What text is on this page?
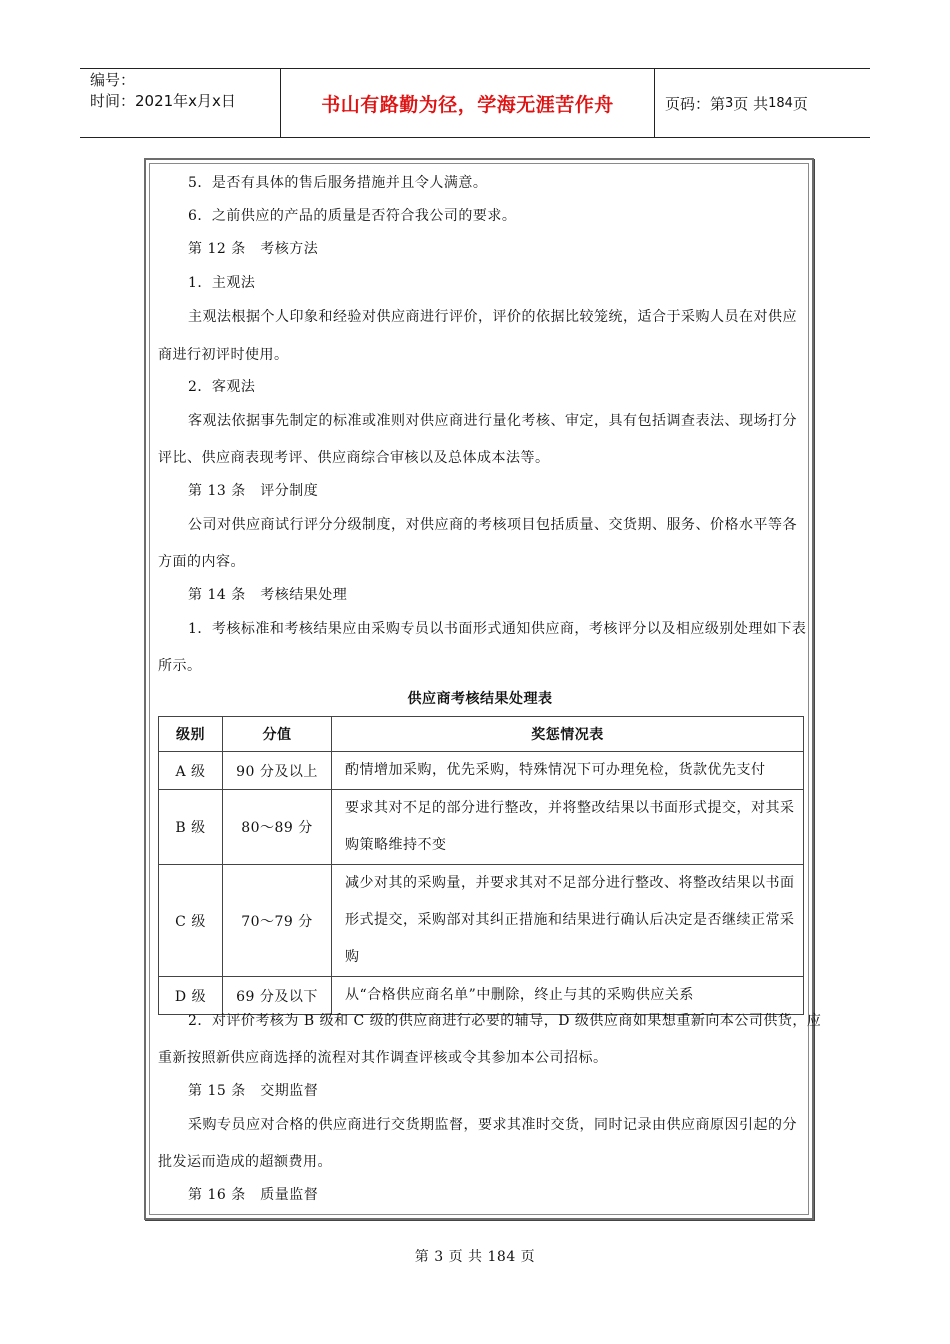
编号：
时间：2021年x月x日	书山有路勤为径，学海无涯苦作舟	页码：第 3 页 共 184 页
5．是否有具体的售后服务措施并且令人满意。
6．之前供应的产品的质量是否符合我公司的要求。
第 12 条　考核方法
1．主观法
主观法根据个人印象和经验对供应商进行评价，评价的依据比较笼统，适合于采购人员在对供应
商进行初评时使用。
2．客观法
客观法依据事先制定的标准或准则对供应商进行量化考核、审定，具有包括调查表法、现场打分
评比、供应商表现考评、供应商综合审核以及总体成本法等。
第 13 条　评分制度
公司对供应商试行评分分级制度，对供应商的考核项目包括质量、交货期、服务、价格水平等各
方面的内容。
第 14 条　考核结果处理
1．考核标准和考核结果应由采购专员以书面形式通知供应商，考核评分以及相应级别处理如下表
所示。
供应商考核结果处理表
级别	分值	奖惩情况表
A 级	90 分及以上	酌情增加采购，优先采购，特殊情况下可办理免检，货款优先支付

B 级	80～89 分	要求其对不足的部分进行整改，并将整改结果以书面形式提交，对其采
购策略维持不变

C 级	70～79 分	减少对其的采购量，并要求其对不足部分进行整改、将整改结果以书面
形式提交，采购部对其纠正措施和结果进行确认后决定是否继续正常采
购

D 级	69 分及以下	从“合格供应商名单”中删除，终止与其的采购供应关系
2．对评价考核为 B 级和 C 级的供应商进行必要的辅导，D 级供应商如果想重新向本公司供货，应
重新按照新供应商选择的流程对其作调查评核或令其参加本公司招标。
第 15 条　交期监督
采购专员应对合格的供应商进行交货期监督，要求其准时交货，同时记录由供应商原因引起的分
批发运而造成的超额费用。
第 16 条　质量监督
第 3 页 共 184 页
